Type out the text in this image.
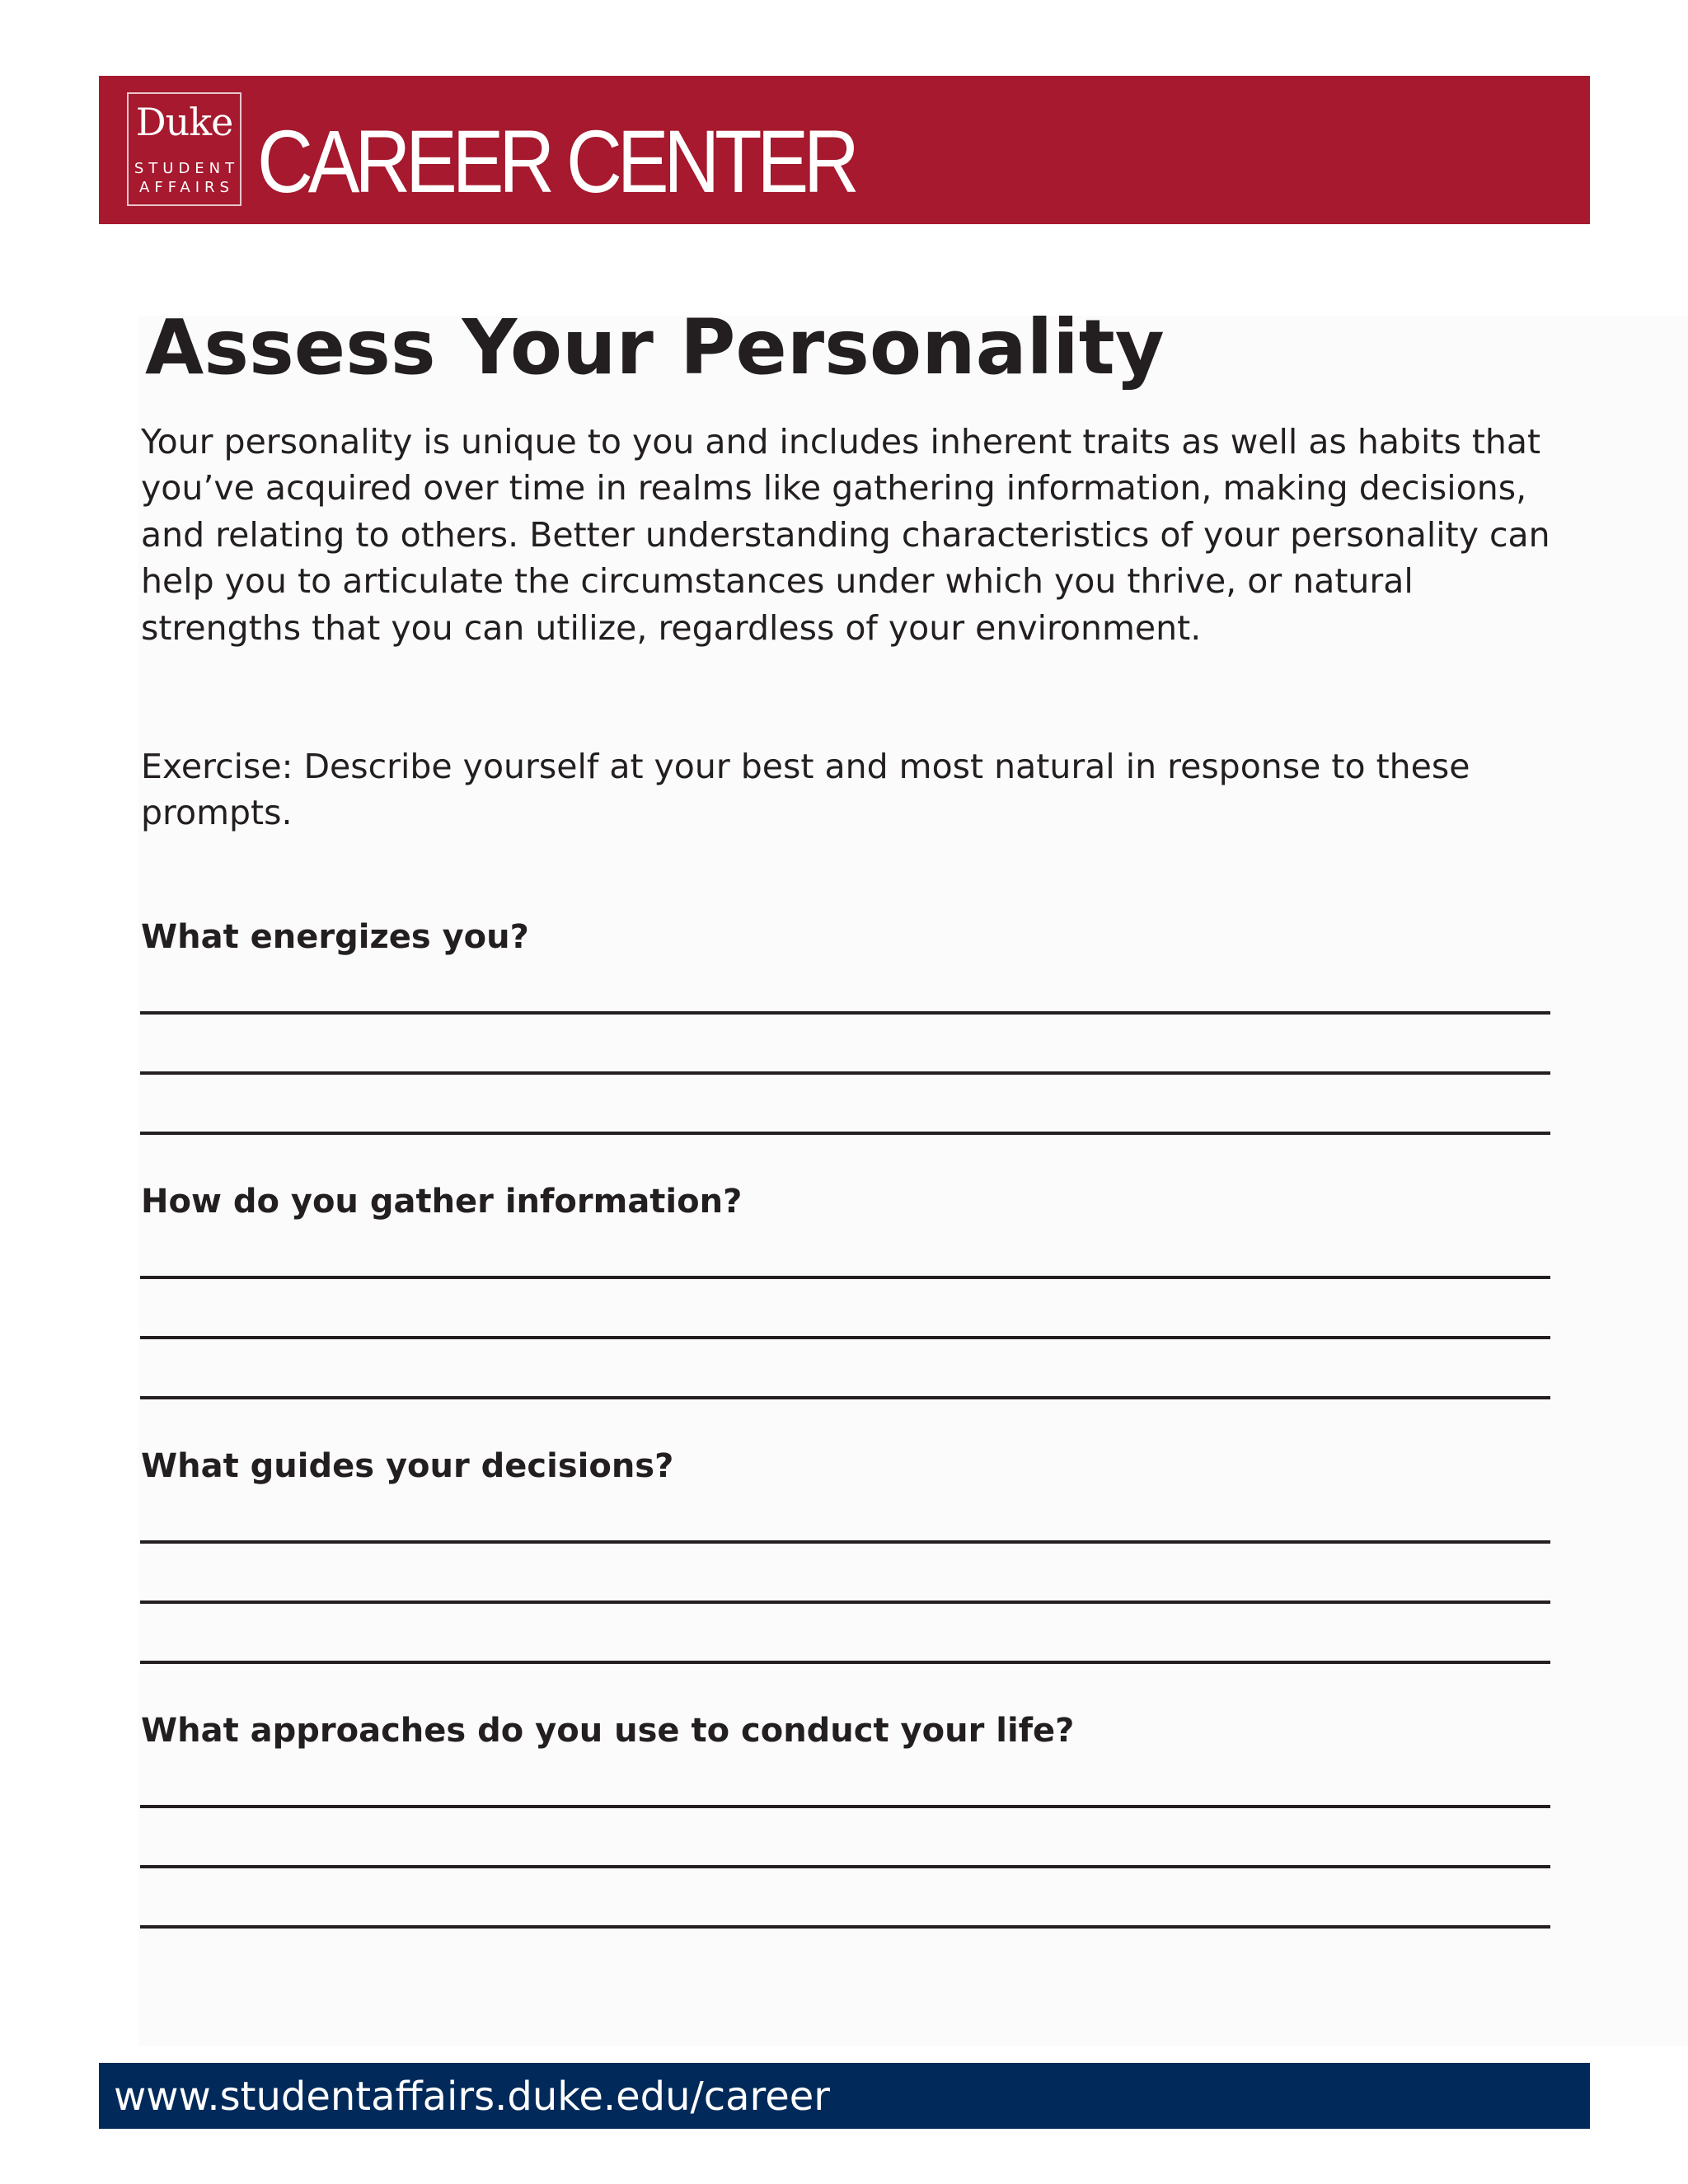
Duke
STUDENT
AFFAIRS CAREER CENTER
Assess Your Personality

Your personality is unique to you and includes inherent traits as well as habits that you’ve acquired over time in realms like gathering information, making decisions, and relating to others. Better understanding characteristics of your personality can help you to articulate the circumstances under which you thrive, or natural strengths that you can utilize, regardless of your environment.

Exercise: Describe yourself at your best and most natural in response to these prompts.

What energizes you?
How do you gather information?
What guides your decisions?
What approaches do you use to conduct your life?
www.studentaffairs.duke.edu/career
